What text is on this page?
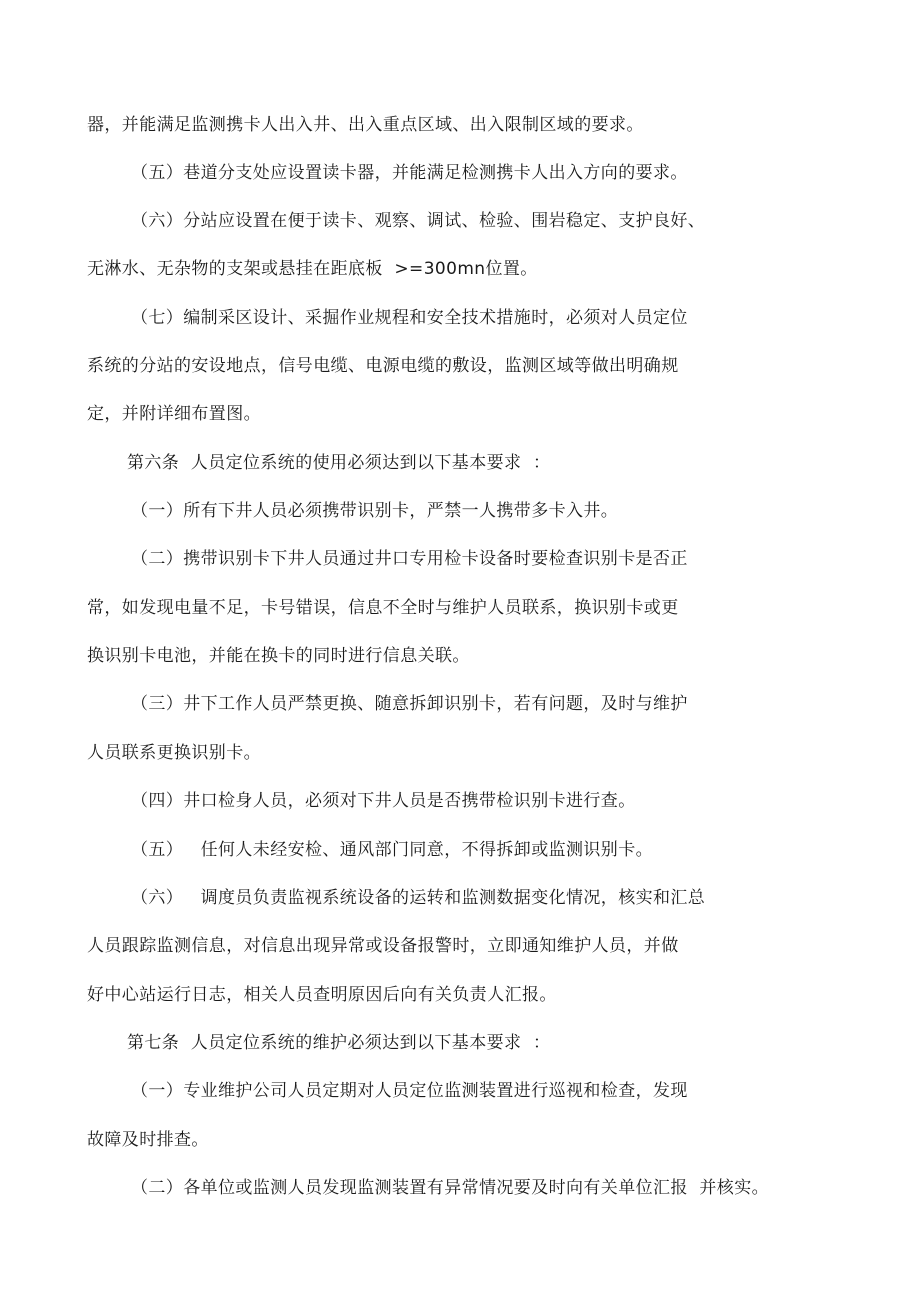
器，并能满足监测携卡人出入井、出入重点区域、出入限制区域的要求。
（五）巷道分支处应设置读卡器，并能满足检测携卡人出入方向的要求。
（六）分站应设置在便于读卡、观察、调试、检验、围岩稳定、支护良好、
无淋水、无杂物的支架或悬挂在距底板  >=300mn位置。
（七）编制采区设计、采掘作业规程和安全技术措施时，必须对人员定位
系统的分站的安设地点，信号电缆、电源电缆的敷设，监测区域等做出明确规
定，并附详细布置图。
第六条  人员定位系统的使用必须达到以下基本要求  ：
（一）所有下井人员必须携带识别卡，严禁一人携带多卡入井。
（二）携带识别卡下井人员通过井口专用检卡设备时要检查识别卡是否正
常，如发现电量不足，卡号错误，信息不全时与维护人员联系，换识别卡或更
换识别卡电池，并能在换卡的同时进行信息关联。
（三）井下工作人员严禁更换、随意拆卸识别卡，若有问题，及时与维护
人员联系更换识别卡。
（四）井口检身人员，必须对下井人员是否携带检识别卡进行查。
（五）   任何人未经安检、通风部门同意，不得拆卸或监测识别卡。
（六）   调度员负责监视系统设备的运转和监测数据变化情况，核实和汇总
人员跟踪监测信息，对信息出现异常或设备报警时，立即通知维护人员，并做
好中心站运行日志，相关人员查明原因后向有关负责人汇报。
第七条  人员定位系统的维护必须达到以下基本要求  ：
（一）专业维护公司人员定期对人员定位监测装置进行巡视和检查，发现
故障及时排查。
（二）各单位或监测人员发现监测装置有异常情况要及时向有关单位汇报  并核实。
